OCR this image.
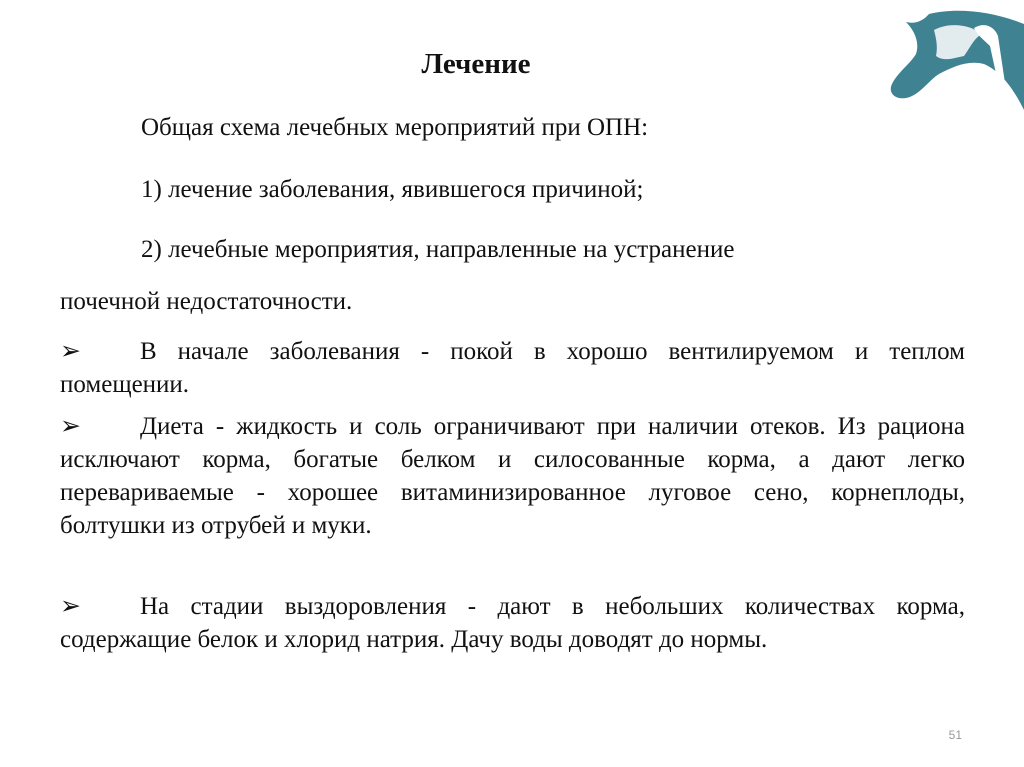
Лечение
Общая схема лечебных мероприятий при ОПН:
1) лечение заболевания, явившегося причиной;
2) лечебные мероприятия, направленные на устранение
почечной недостаточности.
➢ В начале заболевания - покой в хорошо вентилируемом и теплом помещении.
➢ Диета - жидкость и соль ограничивают при наличии отеков. Из рациона исключают корма, богатые белком и силосованные корма, а дают легко перевариваемые - хорошее витаминизированное луговое сено, корнеплоды, болтушки из отрубей и муки.
➢ На стадии выздоровления - дают в небольших количествах корма, содержащие белок и хлорид натрия. Дачу воды доводят до нормы.
51
